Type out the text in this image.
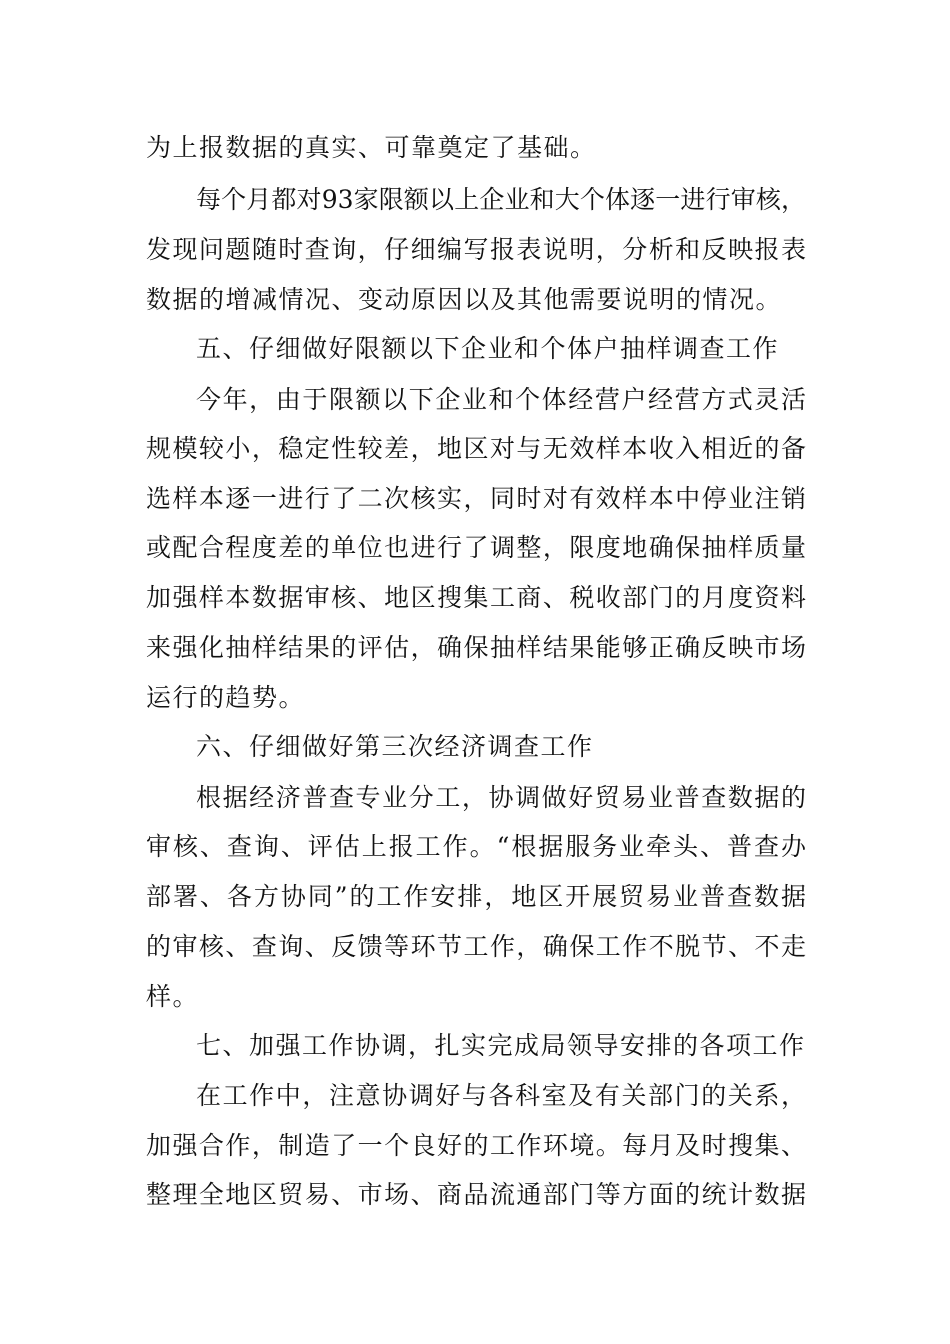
为上报数据的真实、可靠奠定了基础。
每个月都对93家限额以上企业和大个体逐一进行审核，
发现问题随时查询，仔细编写报表说明，分析和反映报表
数据的增减情况、变动原因以及其他需要说明的情况。
五、仔细做好限额以下企业和个体户抽样调查工作
今年，由于限额以下企业和个体经营户经营方式灵活
规模较小，稳定性较差，地区对与无效样本收入相近的备
选样本逐一进行了二次核实，同时对有效样本中停业注销
或配合程度差的单位也进行了调整，限度地确保抽样质量
加强样本数据审核、地区搜集工商、税收部门的月度资料
来强化抽样结果的评估，确保抽样结果能够正确反映市场
运行的趋势。
六、仔细做好第三次经济调查工作
根据经济普查专业分工，协调做好贸易业普查数据的
审核、查询、评估上报工作。“根据服务业牵头、普查办
部署、各方协同”的工作安排，地区开展贸易业普查数据
的审核、查询、反馈等环节工作，确保工作不脱节、不走
样。
七、加强工作协调，扎实完成局领导安排的各项工作
在工作中，注意协调好与各科室及有关部门的关系，
加强合作，制造了一个良好的工作环境。每月及时搜集、
整理全地区贸易、市场、商品流通部门等方面的统计数据
